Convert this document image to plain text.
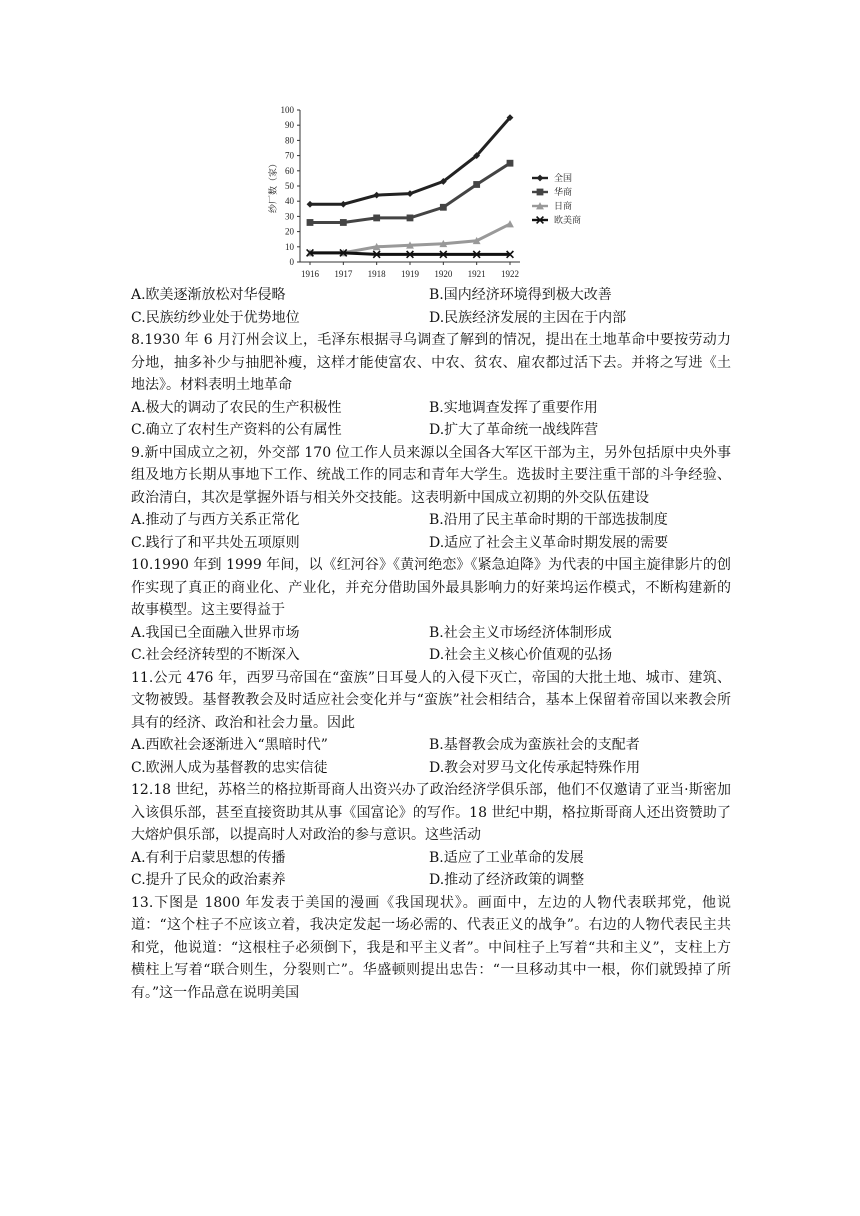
0
10
20
30
40
50
60
70
80
90
100
1916 1917 1918 1919 1920 1921 1922
纱厂数（家）	全国
华商
日商
欧美商
A.欧美逐渐放松对华侵略	B.国内经济环境得到极大改善
C.民族纺纱业处于优势地位	D.民族经济发展的主因在于内部
8.1930 年 6 月汀州会议上，毛泽东根据寻乌调查了解到的情况，提出在土地革命中要按劳动力分地，抽多补少与抽肥补瘦，这样才能使富农、中农、贫农、雇农都过活下去。并将之写进《土地法》。材料表明土地革命
A.极大的调动了农民的生产积极性	B.实地调查发挥了重要作用
C.确立了农村生产资料的公有属性	D.扩大了革命统一战线阵营
9.新中国成立之初，外交部 170 位工作人员来源以全国各大军区干部为主，另外包括原中央外事组及地方长期从事地下工作、统战工作的同志和青年大学生。选拔时主要注重干部的斗争经验、政治清白，其次是掌握外语与相关外交技能。这表明新中国成立初期的外交队伍建设
A.推动了与西方关系正常化	B.沿用了民主革命时期的干部选拔制度
C.践行了和平共处五项原则	D.适应了社会主义革命时期发展的需要
10.1990 年到 1999 年间，以《红河谷》《黄河绝恋》《紧急迫降》为代表的中国主旋律影片的创作实现了真正的商业化、产业化，并充分借助国外最具影响力的好莱坞运作模式，不断构建新的故事模型。这主要得益于
A.我国已全面融入世界市场	B.社会主义市场经济体制形成
C.社会经济转型的不断深入	D.社会主义核心价值观的弘扬
11.公元 476 年，西罗马帝国在“蛮族”日耳曼人的入侵下灭亡，帝国的大批土地、城市、建筑、文物被毁。基督教教会及时适应社会变化并与“蛮族”社会相结合，基本上保留着帝国以来教会所具有的经济、政治和社会力量。因此
A.西欧社会逐渐进入“黑暗时代”	B.基督教会成为蛮族社会的支配者
C.欧洲人成为基督教的忠实信徒	D.教会对罗马文化传承起特殊作用
12.18 世纪，苏格兰的格拉斯哥商人出资兴办了政治经济学俱乐部，他们不仅邀请了亚当·斯密加入该俱乐部，甚至直接资助其从事《国富论》的写作。18 世纪中期，格拉斯哥商人还出资赞助了大熔炉俱乐部，以提高时人对政治的参与意识。这些活动
A.有利于启蒙思想的传播	B.适应了工业革命的发展
C.提升了民众的政治素养	D.推动了经济政策的调整
13.下图是 1800 年发表于美国的漫画《我国现状》。画面中，左边的人物代表联邦党，他说道：“这个柱子不应该立着，我决定发起一场必需的、代表正义的战争”。右边的人物代表民主共和党，他说道：“这根柱子必须倒下，我是和平主义者”。中间柱子上写着“共和主义”，支柱上方横柱上写着“联合则生，分裂则亡”。华盛顿则提出忠告：“一旦移动其中一根，你们就毁掉了所有。”这一作品意在说明美国
